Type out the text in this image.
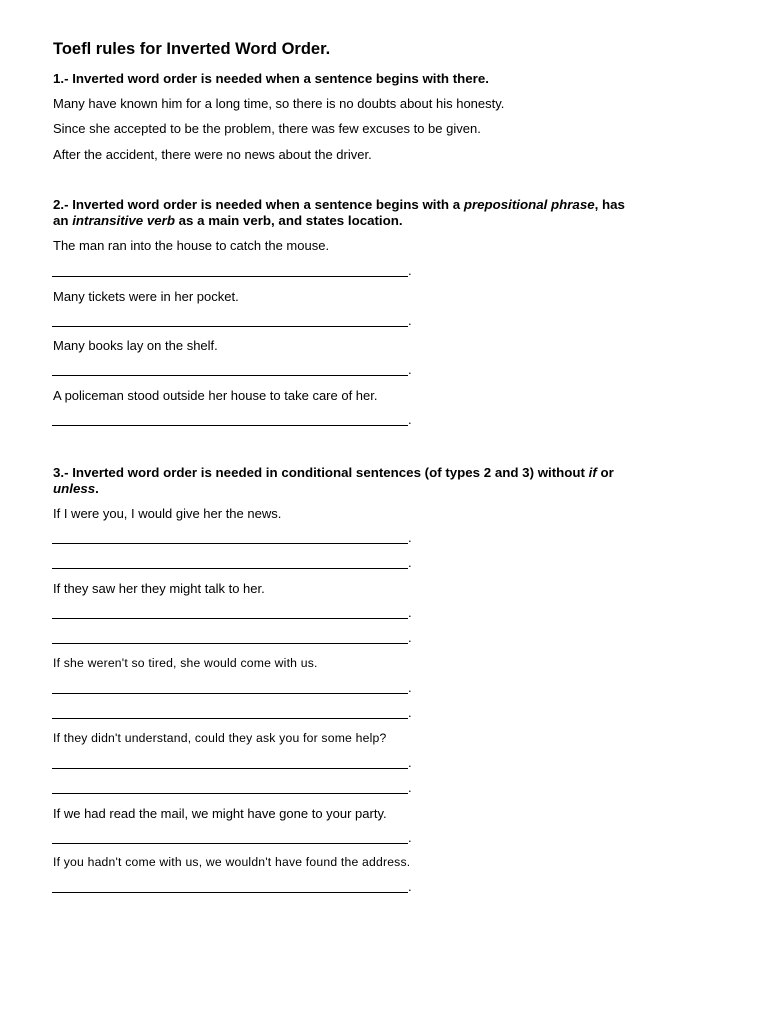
Toefl rules for Inverted Word Order.

1.- Inverted word order is needed when a sentence begins with there.

Many have known him for a long time, so there is no doubts about his honesty.

Since she accepted to be the problem, there was few excuses to be given.

After the accident, there were no news about the driver.

2.- Inverted word order is needed when a sentence begins with a prepositional phrase, has

an intransitive verb as a main verb, and states location.

The man ran into the house to catch the mouse.

.

Many tickets were in her pocket.

.

Many books lay on the shelf.

.

A policeman stood outside her house to take care of her.

.

3.- Inverted word order is needed in conditional sentences (of types 2 and 3) without if or

unless.

If I were you, I would give her the news.

.
.

If they saw her they might talk to her.

.
.

If she weren't so tired, she would come with us.

.
.

If they didn't understand, could they ask you for some help?

.
.

If we had read the mail, we might have gone to your party.

.

If you hadn't come with us, we wouldn't have found the address.

.
